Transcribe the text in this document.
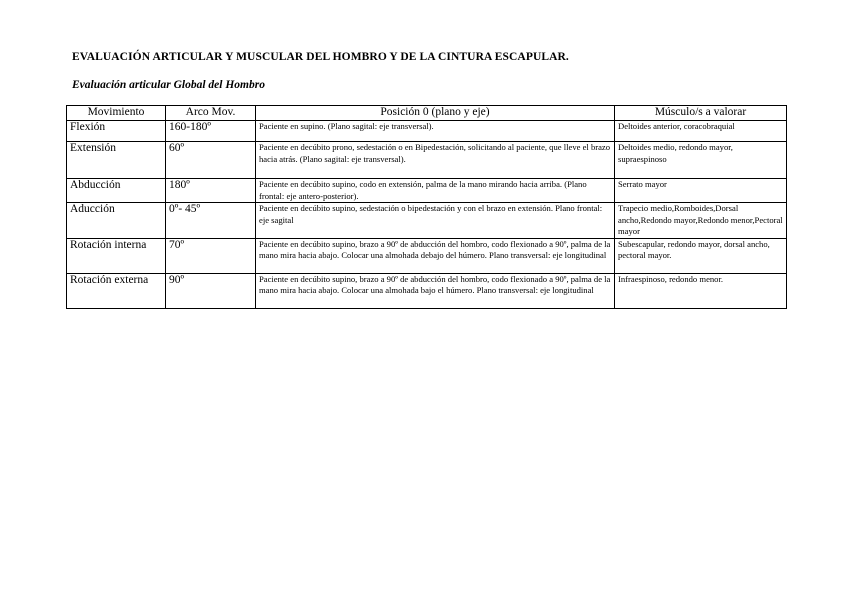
EVALUACIÓN ARTICULAR Y MUSCULAR DEL HOMBRO Y DE LA CINTURA ESCAPULAR.
Evaluación articular Global del Hombro
Movimiento	Arco Mov.	Posición 0 (plano y eje)	Músculo/s a valorar
Flexión	160-180º	Paciente en supino. (Plano sagital: eje transversal).	Deltoides anterior, coracobraquial
Extensión	60º	Paciente en decúbito prono, sedestación o en Bipedestación, solicitando al paciente, que lleve el brazo hacia atrás. (Plano sagital: eje transversal).	Deltoides medio, redondo mayor, supraespinoso
Abducción	180º	Paciente en decúbito supino, codo en extensión, palma de la mano mirando hacia arriba. (Plano frontal: eje antero-posterior).	Serrato mayor
Aducción	0º- 45º	Paciente en decúbito supino, sedestación o bipedestación y con el brazo en extensión. Plano frontal: eje sagital	Trapecio medio,Romboides,Dorsal ancho,Redondo mayor,Redondo menor,Pectoral mayor
Rotación interna	70º	Paciente en decúbito supino, brazo a 90º de abducción del hombro, codo flexionado a 90º, palma de la mano mira hacia abajo. Colocar una almohada debajo del húmero. Plano transversal: eje longitudinal	Subescapular, redondo mayor, dorsal ancho, pectoral mayor.
Rotación externa	90º	Paciente en decúbito supino, brazo a 90º de abducción del hombro, codo flexionado a 90º, palma de la mano mira hacia abajo. Colocar una almohada bajo el húmero. Plano transversal: eje longitudinal	Infraespinoso, redondo menor.
